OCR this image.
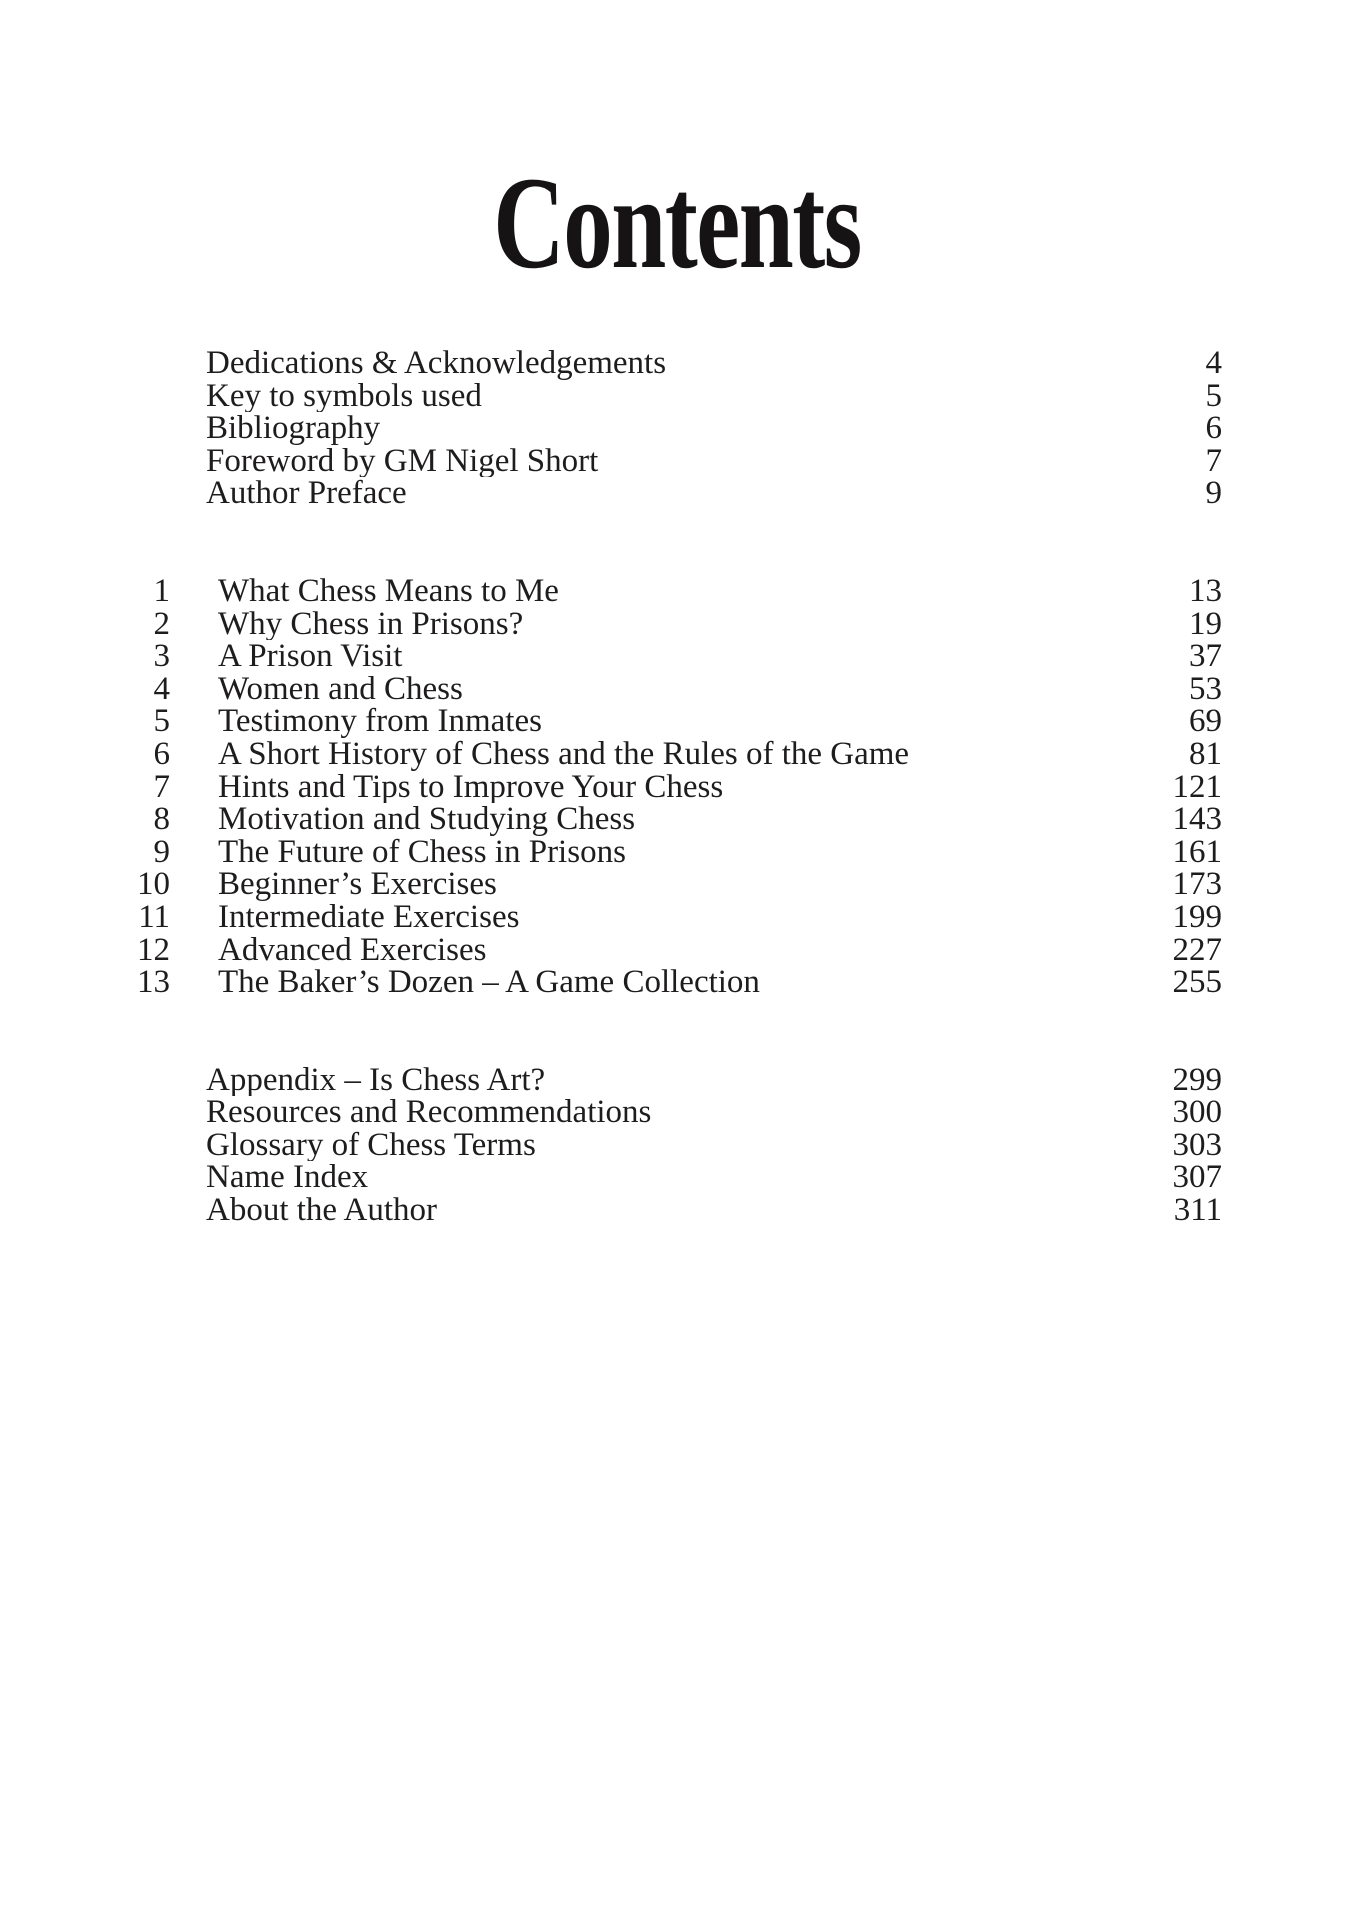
Contents
Dedications & Acknowledgements	4
Key to symbols used	5
Bibliography	6
Foreword by GM Nigel Short	7
Author Preface	9
1 What Chess Means to Me	13
2 Why Chess in Prisons?	19
3 A Prison Visit	37
4 Women and Chess	53
5 Testimony from Inmates	69
6 A Short History of Chess and the Rules of the Game	81
7 Hints and Tips to Improve Your Chess	121
8 Motivation and Studying Chess	143
9 The Future of Chess in Prisons	161
10 Beginner’s Exercises	173
11 Intermediate Exercises	199
12 Advanced Exercises	227
13 The Baker’s Dozen – A Game Collection	255
Appendix – Is Chess Art?	299
Resources and Recommendations	300
Glossary of Chess Terms	303
Name Index	307
About the Author	311
